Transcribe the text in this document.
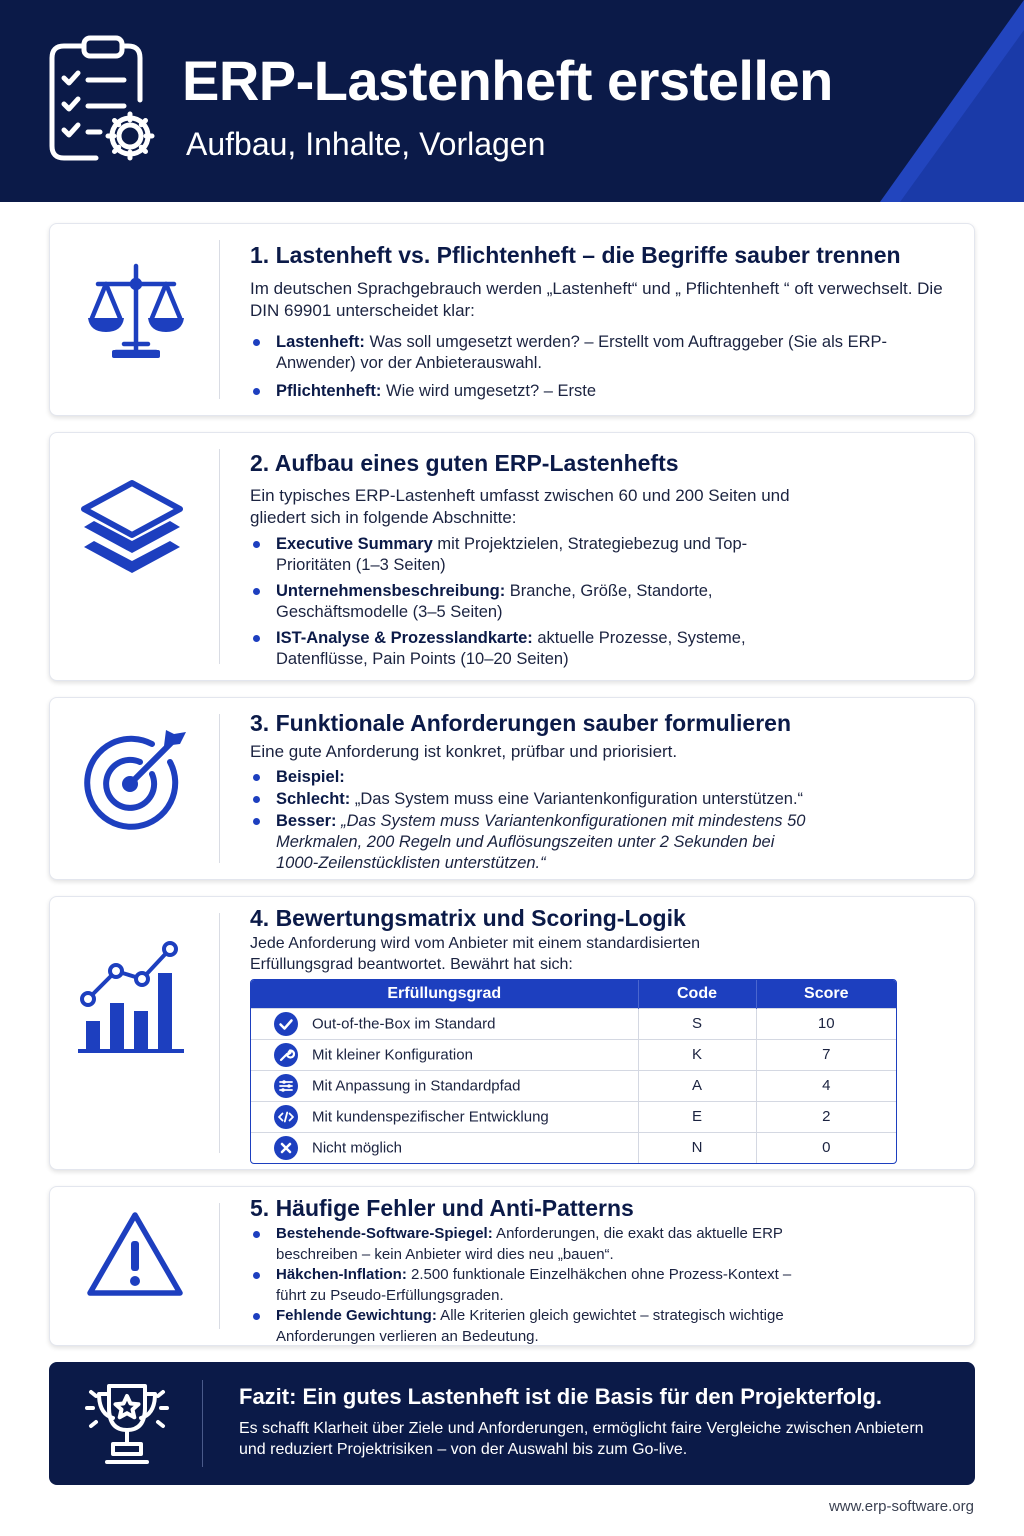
ERP-Lastenheft erstellen
Aufbau, Inhalte, Vorlagen
1. Lastenheft vs. Pflichtenheft – die Begriffe sauber trennen
Im deutschen Sprachgebrauch werden „Lastenheft“ und „ Pflichtenheft “ oft verwechselt. Die DIN 69901 unterscheidet klar:
Lastenheft: Was soll umgesetzt werden? – Erstellt vom Auftraggeber (Sie als ERP-Anwender) vor der Anbieterauswahl.
Pflichtenheft: Wie wird umgesetzt? – Erste
2. Aufbau eines guten ERP-Lastenhefts
Ein typisches ERP-Lastenheft umfasst zwischen 60 und 200 Seiten und gliedert sich in folgende Abschnitte:
Executive Summary mit Projektzielen, Strategiebezug und Top-Prioritäten (1–3 Seiten)
Unternehmensbeschreibung: Branche, Größe, Standorte, Geschäftsmodelle (3–5 Seiten)
IST-Analyse & Prozesslandkarte: aktuelle Prozesse, Systeme, Datenflüsse, Pain Points (10–20 Seiten)
3. Funktionale Anforderungen sauber formulieren
Eine gute Anforderung ist konkret, prüfbar und priorisiert.
Beispiel:
Schlecht: „Das System muss eine Variantenkonfiguration unterstützen.“
Besser: „Das System muss Variantenkonfigurationen mit mindestens 50 Merkmalen, 200 Regeln und Auflösungszeiten unter 2 Sekunden bei 1000-Zeilenstücklisten unterstützen.“
4. Bewertungsmatrix und Scoring-Logik
Jede Anforderung wird vom Anbieter mit einem standardisierten Erfüllungsgrad beantwortet. Bewährt hat sich:
Erfüllungsgrad	Code	Score
Out-of-the-Box im Standard	S	10
Mit kleiner Konfiguration	K	7
Mit Anpassung in Standardpfad	A	4
Mit kundenspezifischer Entwicklung	E	2
Nicht möglich	N	0
5. Häufige Fehler und Anti-Patterns
Bestehende-Software-Spiegel: Anforderungen, die exakt das aktuelle ERP beschreiben – kein Anbieter wird dies neu „bauen“.
Häkchen-Inflation: 2.500 funktionale Einzelhäkchen ohne Prozess-Kontext – führt zu Pseudo-Erfüllungsgraden.
Fehlende Gewichtung: Alle Kriterien gleich gewichtet – strategisch wichtige Anforderungen verlieren an Bedeutung.
Fazit: Ein gutes Lastenheft ist die Basis für den Projekterfolg.
Es schafft Klarheit über Ziele und Anforderungen, ermöglicht faire Vergleiche zwischen Anbietern und reduziert Projektrisiken – von der Auswahl bis zum Go-live.
www.erp-software.org
